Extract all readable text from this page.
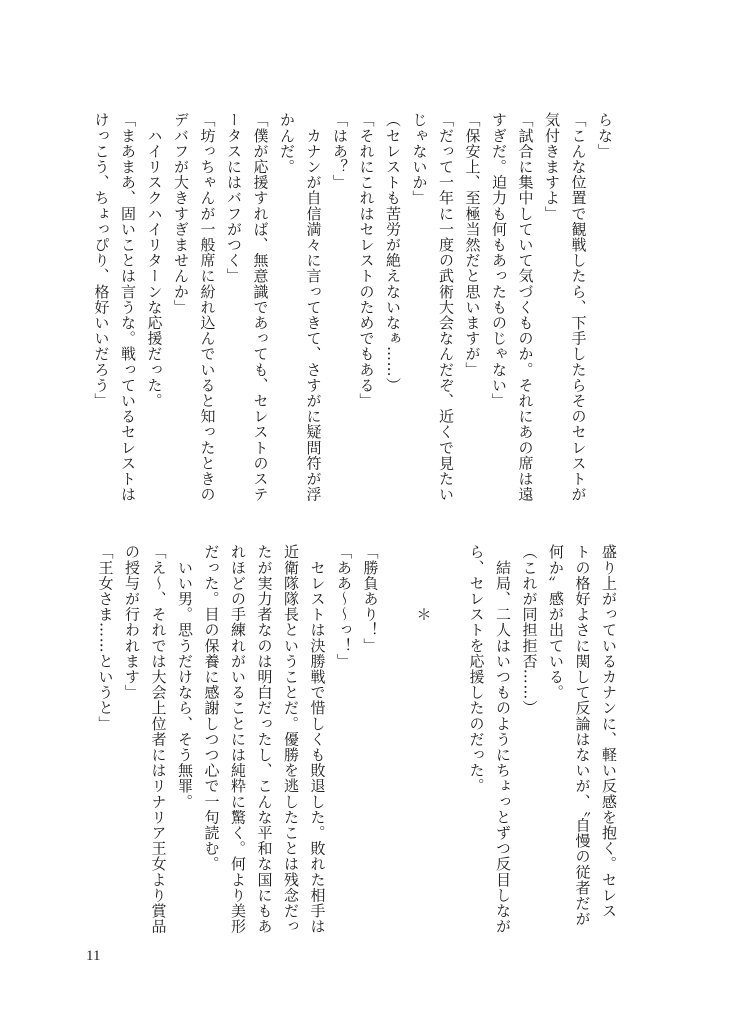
らな」
「こんな位置で観戦したら、下手したらそのセレストが
気付きますよ」
「試合に集中していて気づくものか。それにあの席は遠
すぎだ。迫力も何もあったものじゃない」
「保安上、至極当然だと思いますが」
「だって一年に一度の武術大会なんだぞ、近くで見たい
じゃないか」
（セレストも苦労が絶えないなぁ……）
「それにこれはセレストのためでもある」
「はあ？」
　カナンが自信満々に言ってきて、さすがに疑問符が浮
かんだ。
「僕が応援すれば、無意識であっても、セレストのステ
ータスにはバフがつく」
「坊っちゃんが一般席に紛れ込んでいると知ったときの
デバフが大きすぎませんか」
　ハイリスクハイリターンな応援だった。
「まあまあ、固いことは言うな。戦っているセレストは
けっこう、ちょっぴり、格好いいだろう」
盛り上がっているカナンに、軽い反感を抱く。セレス
トの格好よさに関して反論はないが、〝自慢の従者だが
何か〟感が出ている。
（これが同担拒否……）
　結局、二人はいつものようにちょっとずつ反目しなが
ら、セレストを応援したのだった。

　　　　＊

「勝負あり！」
「ああ〜〜っ！」
　セレストは決勝戦で惜しくも敗退した。敗れた相手は
近衛隊隊長ということだ。優勝を逃したことは残念だっ
たが実力者なのは明白だったし、こんな平和な国にもあ
れほどの手練れがいることには純粋に驚く。何より美形
だった。目の保養に感謝しつつ心で一句読む。
　いい男。思うだけなら、そう無罪。
「え〜、それでは大会上位者にはリナリア王女より賞品
の授与が行われます」
「王女さま……というと」
11
